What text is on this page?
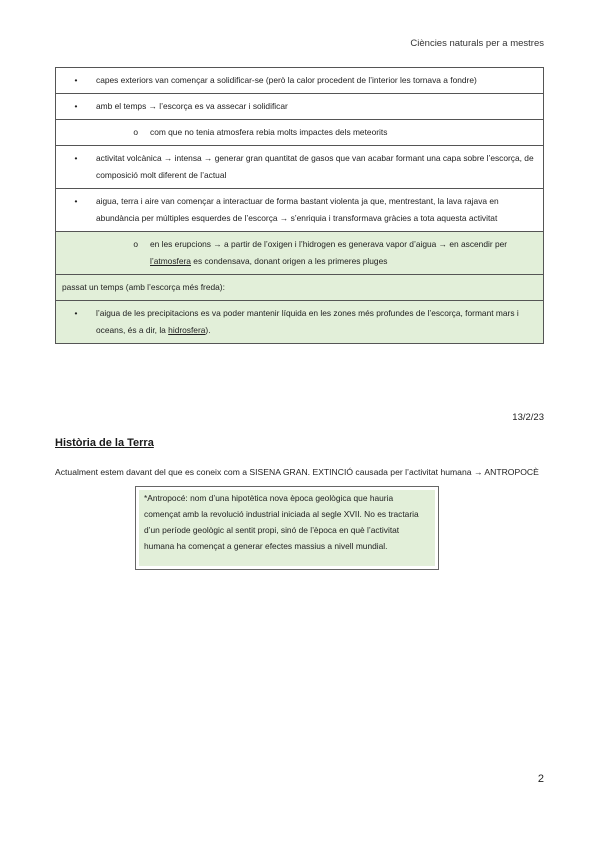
Ciències naturals per a mestres
•	capes exteriors van començar a solidificar-se (però la calor procedent de l’interior les tornava a fondre)
•	amb el temps → l’escorça es va assecar i solidificar
o	com que no tenia atmosfera rebia molts impactes dels meteorits
•	activitat volcànica → intensa → generar gran quantitat de gasos que van acabar formant una capa sobre l’escorça, de composició molt diferent de l’actual
•	aigua, terra i aire van començar a interactuar de forma bastant violenta ja que, mentrestant, la lava rajava en abundància per múltiples esquerdes de l’escorça → s’enriquia i transformava gràcies a tota aquesta activitat
o	en les erupcions → a partir de l’oxigen i l’hidrogen es generava vapor d’aigua → en ascendir per l’atmosfera es condensava, donant origen a les primeres pluges
passat un temps (amb l’escorça més freda):
•	l’aigua de les precipitacions es va poder mantenir líquida en les zones més profundes de l’escorça, formant mars i oceans, és a dir, la hidrosfera).
13/2/23
Història de la Terra
Actualment estem davant del que es coneix com a SISENA GRAN. EXTINCIÓ causada per l’activitat humana → ANTROPOCÈ
*Antropocé: nom d’una hipotètica nova època geològica que hauria començat amb la revolució industrial iniciada al segle XVII. No es tractaria d’un període geològic al sentit propi, sinó de l’època en què l’activitat humana ha començat a generar efectes massius a nivell mundial.
2
